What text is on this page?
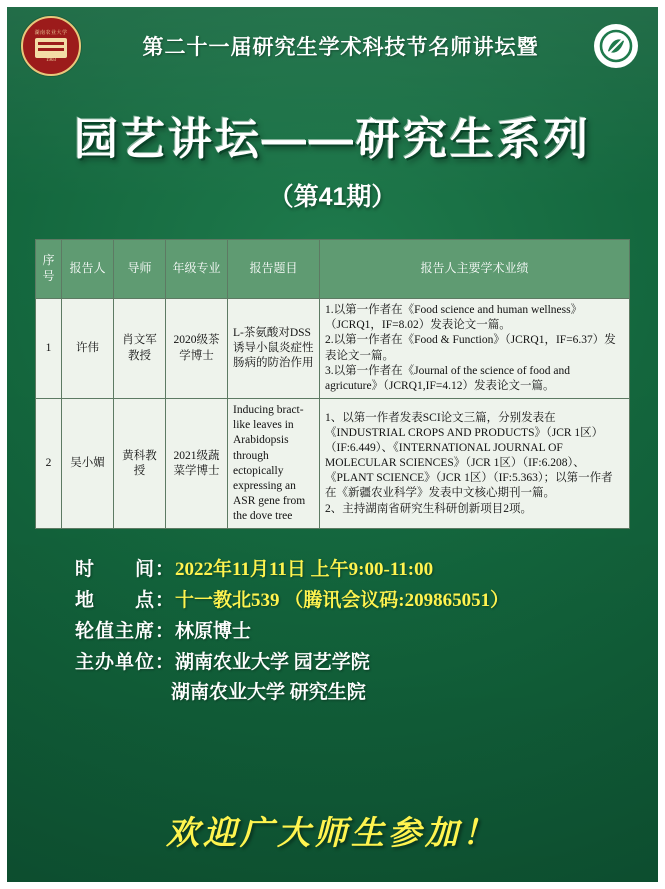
湖南农业大学
1903
第二十一届研究生学术科技节名师讲坛暨
园艺讲坛——研究生系列
（第41期）
序号	报告人	导师	年级专业	报告题目	报告人主要学术业绩
1	许伟	肖文军教授	2020级茶学博士	L-茶氨酸对DSS诱导小鼠炎症性肠病的防治作用	1.以第一作者在《Food science and human wellness》（JCRQ1，IF=8.02）发表论文一篇。

2.以第一作者在《Food & Function》（JCRQ1，IF=6.37）发表论文一篇。

3.以第一作者在《Journal of the science of food and agricuture》（JCRQ1,IF=4.12）发表论文一篇。

2	吴小媚	黄科教授	2021级蔬菜学博士	Inducing bract-like leaves in Arabidopsis through ectopically expressing an ASR gene from the dove tree	1、以第一作者发表SCI论文三篇，分别发表在《INDUSTRIAL CROPS AND PRODUCTS》（JCR 1区）（IF:6.449）、《INTERNATIONAL JOURNAL OF MOLECULAR SCIENCES》（JCR 1区）（IF:6.208）、《PLANT SCIENCE》（JCR 1区）（IF:5.363）；以第一作者在《新疆农业科学》发表中文核心期刊一篇。

2、主持湖南省研究生科研创新项目2项。

时　　间：2022年11月11日 上午9:00-11:00
地　　点：十一教北539 （腾讯会议码:209865051）
轮值主席：林原博士
主办单位：湖南农业大学 园艺学院
湖南农业大学 研究生院
欢迎广大师生参加！
